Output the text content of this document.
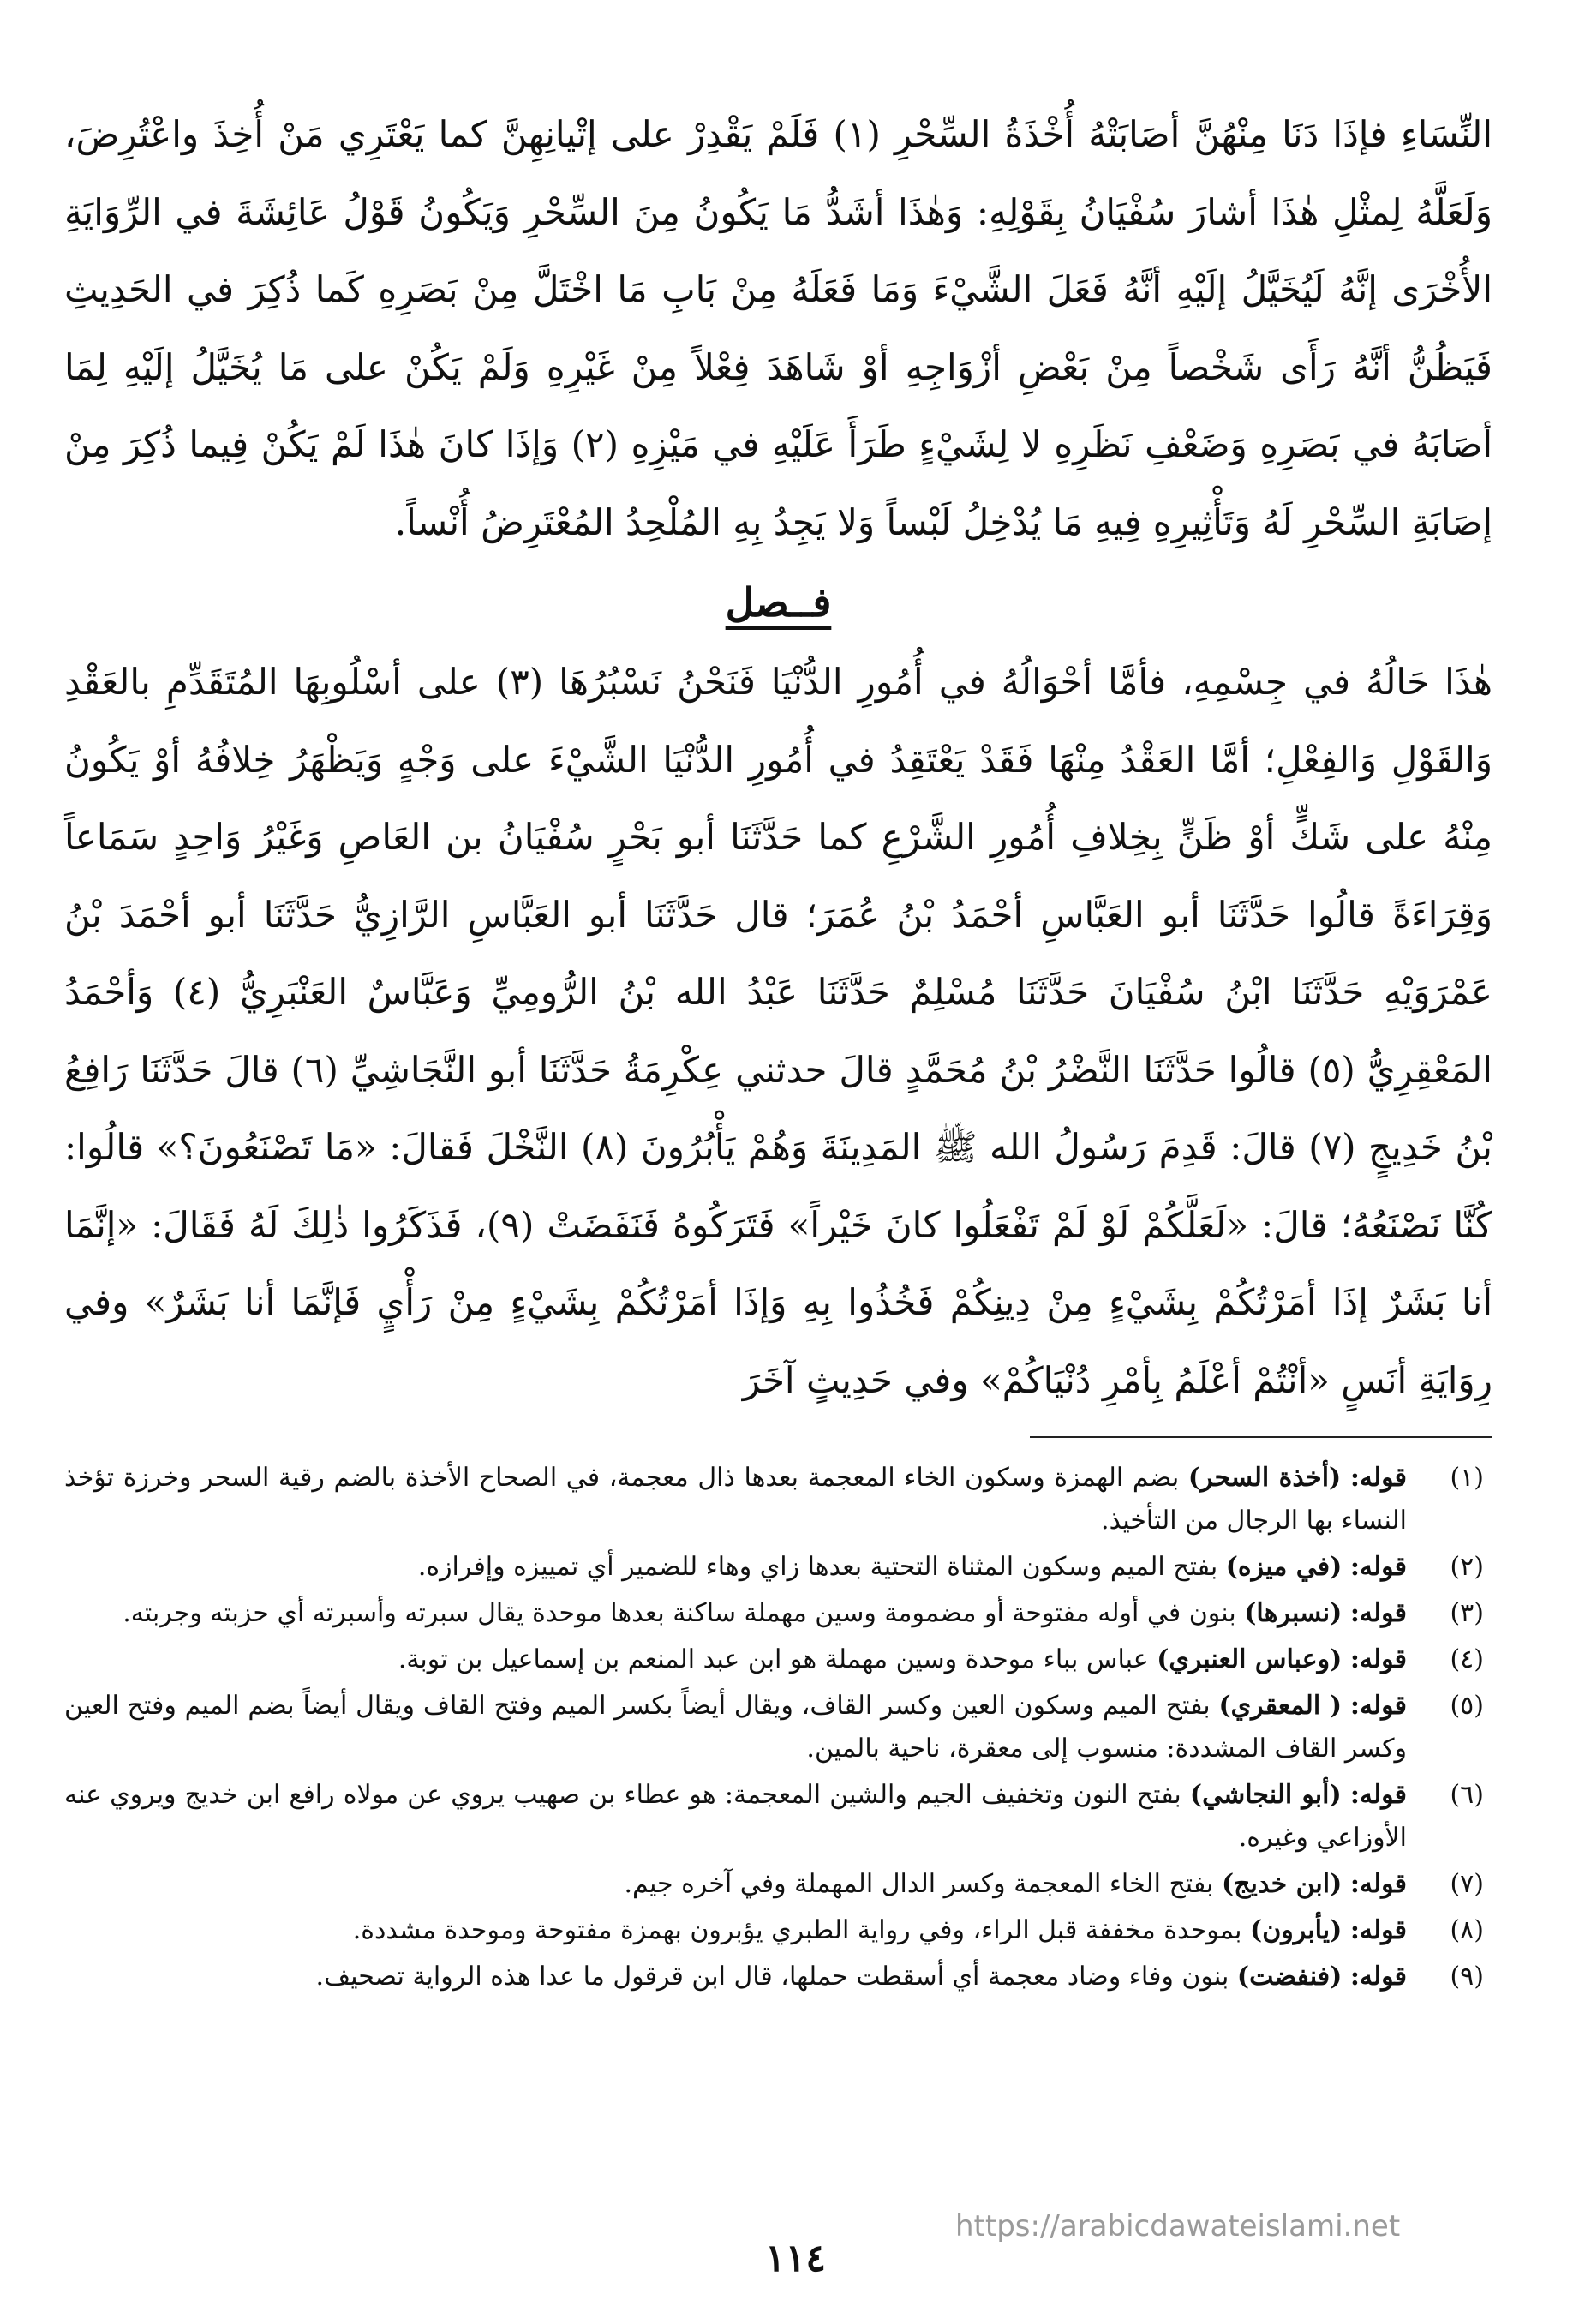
النِّسَاءِ فإذَا دَنَا مِنْهُنَّ أصَابَتْهُ أُخْذَةُ السِّحْرِ (١) فَلَمْ يَقْدِرْ على إتْيانِهِنَّ كما يَعْتَرِي مَنْ أُخِذَ واعْتُرِضَ، وَلَعَلَّهُ لِمثْلِ هٰذَا أشارَ سُفْيَانُ بِقَوْلِهِ: وَهٰذَا أشَدُّ مَا يَكُونُ مِنَ السِّحْرِ وَيَكُونُ قَوْلُ عَائِشَةَ في الرِّوَايَةِ الأُخْرَى إنَّهُ لَيُخَيَّلُ إلَيْهِ أنَّهُ فَعَلَ الشَّيْءَ وَمَا فَعَلَهُ مِنْ بَابِ مَا اخْتَلَّ مِنْ بَصَرِهِ كَما ذُكِرَ في الحَدِيثِ فَيَظُنُّ أنَّهُ رَأَى شَخْصاً مِنْ بَعْضِ أزْوَاجِهِ أوْ شَاهَدَ فِعْلاً مِنْ غَيْرِهِ وَلَمْ يَكُنْ على مَا يُخَيَّلُ إلَيْهِ لِمَا أصَابَهُ في بَصَرِهِ وَضَعْفِ نَظَرِهِ لا لِشَيْءٍ طَرَأَ عَلَيْهِ في مَيْزِهِ (٢) وَإذَا كانَ هٰذَا لَمْ يَكُنْ فِيما ذُكِرَ مِنْ إصَابَةِ السِّحْرِ لَهُ وَتَأْثِيرِهِ فِيهِ مَا يُدْخِلُ لَبْساً وَلا يَجِدُ بِهِ المُلْحِدُ المُعْتَرِضُ أُنْساً.

فــصل

هٰذَا حَالُهُ في جِسْمِهِ، فأمَّا أحْوَالُهُ في أُمُورِ الدُّنْيَا فَنَحْنُ نَسْبُرُهَا (٣) على أسْلُوبِهَا المُتَقَدِّمِ بالعَقْدِ وَالقَوْلِ وَالفِعْلِ؛ أمَّا العَقْدُ مِنْهَا فَقَدْ يَعْتَقِدُ في أُمُورِ الدُّنْيَا الشَّيْءَ على وَجْهٍ وَيَظْهَرُ خِلافُهُ أوْ يَكُونُ مِنْهُ على شَكٍّ أوْ ظَنٍّ بِخِلافِ أُمُورِ الشَّرْعِ كما حَدَّثَنَا أبو بَحْرٍ سُفْيَانُ بن العَاصِ وَغَيْرُ وَاحِدٍ سَمَاعاً وَقِرَاءَةً قالُوا حَدَّثَنَا أبو العَبَّاسِ أحْمَدُ بْنُ عُمَرَ؛ قال حَدَّثَنَا أبو العَبَّاسِ الرَّازِيُّ حَدَّثَنَا أبو أحْمَدَ بْنُ عَمْرَوَيْهِ حَدَّثَنَا ابْنُ سُفْيَانَ حَدَّثَنَا مُسْلِمٌ حَدَّثَنَا عَبْدُ الله بْنُ الرُّومِيِّ وَعَبَّاسٌ العَنْبَرِيُّ (٤) وَأحْمَدُ المَعْقِرِيُّ (٥) قالُوا حَدَّثَنَا النَّضْرُ بْنُ مُحَمَّدٍ قالَ حدثني عِكْرِمَةُ حَدَّثَنَا أبو النَّجَاشِيِّ (٦) قالَ حَدَّثَنَا رَافِعُ بْنُ خَدِيجٍ (٧) قالَ: قَدِمَ رَسُولُ الله ﷺ المَدِينَةَ وَهُمْ يَأْبُرُونَ (٨) النَّخْلَ فَقالَ: «مَا تَصْنَعُونَ؟» قالُوا: كُنَّا نَصْنَعُهُ؛ قالَ: «لَعَلَّكُمْ لَوْ لَمْ تَفْعَلُوا كانَ خَيْراً» فَتَرَكُوهُ فَنَفَضَتْ (٩)، فَذَكَرُوا ذٰلِكَ لَهُ فَقَالَ: «إنَّمَا أنا بَشَرٌ إذَا أمَرْتُكُمْ بِشَيْءٍ مِنْ دِينِكُمْ فَخُذُوا بِهِ وَإذَا أمَرْتُكُمْ بِشَيْءٍ مِنْ رَأْيٍ فَإنَّمَا أنا بَشَرٌ» وفي رِوَايَةِ أنَسٍ «أنْتُمْ أعْلَمُ بِأمْرِ دُنْيَاكُمْ» وفي حَدِيثٍ آخَرَ

(١)
قوله: (أخذة السحر) بضم الهمزة وسكون الخاء المعجمة بعدها ذال معجمة، في الصحاح الأخذة بالضم رقية السحر وخرزة تؤخذ النساء بها الرجال من التأخيذ.
(٢)
قوله: (في ميزه) بفتح الميم وسكون المثناة التحتية بعدها زاي وهاء للضمير أي تمييزه وإفرازه.
(٣)
قوله: (نسبرها) بنون في أوله مفتوحة أو مضمومة وسين مهملة ساكنة بعدها موحدة يقال سبرته وأسبرته أي حزبته وجربته.
(٤)
قوله: (وعباس العنبري) عباس بباء موحدة وسين مهملة هو ابن عبد المنعم بن إسماعيل بن توبة.
(٥)
قوله: ( المعقري) بفتح الميم وسكون العين وكسر القاف، ويقال أيضاً بكسر الميم وفتح القاف ويقال أيضاً بضم الميم وفتح العين وكسر القاف المشددة: منسوب إلى معقرة، ناحية بالمين.
(٦)
قوله: (أبو النجاشي) بفتح النون وتخفيف الجيم والشين المعجمة: هو عطاء بن صهيب يروي عن مولاه رافع ابن خديج ويروي عنه الأوزاعي وغيره.
(٧)
قوله: (ابن خديج) بفتح الخاء المعجمة وكسر الدال المهملة وفي آخره جيم.
(٨)
قوله: (يأبرون) بموحدة مخففة قبل الراء، وفي رواية الطبري يؤبرون بهمزة مفتوحة وموحدة مشددة.
(٩)
قوله: (فنفضت) بنون وفاء وضاد معجمة أي أسقطت حملها، قال ابن قرقول ما عدا هذه الرواية تصحيف.
https://arabicdawateislami.net
١١٤
